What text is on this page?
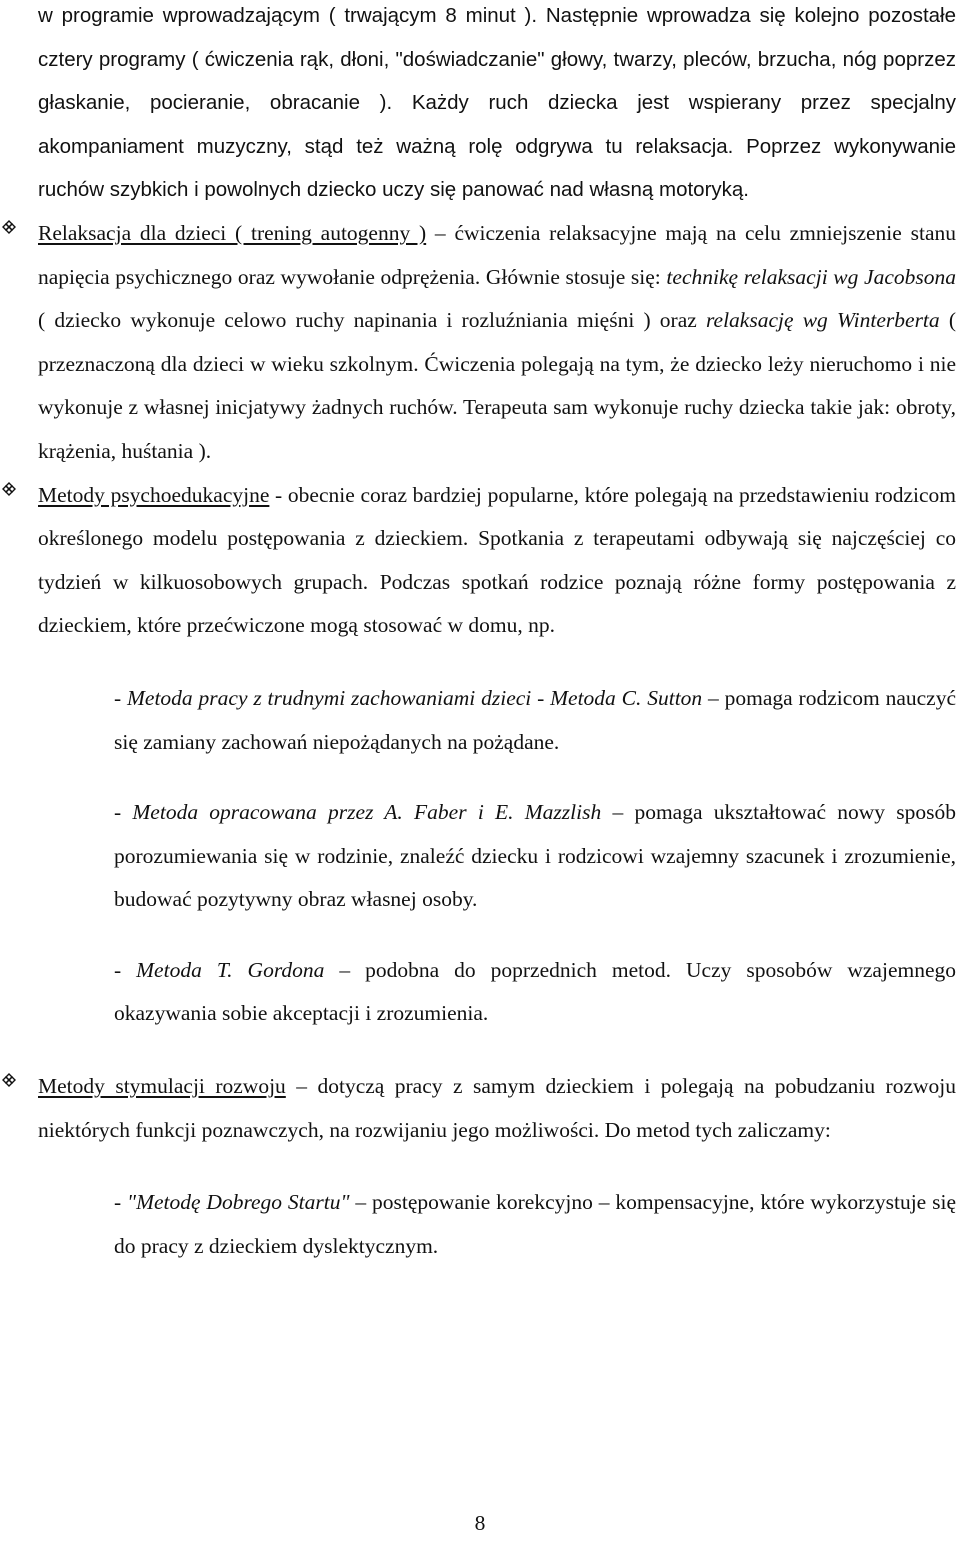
w programie wprowadzającym ( trwającym 8 minut ). Następnie wprowadza się kolejno pozostałe cztery programy ( ćwiczenia rąk, dłoni, "doświadczanie" głowy, twarzy, pleców, brzucha, nóg poprzez głaskanie, pocieranie, obracanie ). Każdy ruch dziecka jest wspierany przez specjalny akompaniament muzyczny, stąd też ważną rolę odgrywa tu relaksacja. Poprzez wykonywanie ruchów szybkich i powolnych dziecko uczy się panować nad własną motoryką.

Relaksacja dla dzieci ( trening autogenny ) – ćwiczenia relaksacyjne mają na celu zmniejszenie stanu napięcia psychicznego oraz wywołanie odprężenia. Głównie stosuje się: technikę relaksacji wg Jacobsona ( dziecko wykonuje celowo ruchy napinania i rozluźniania mięśni ) oraz relaksację wg Winterberta ( przeznaczoną dla dzieci w wieku szkolnym. Ćwiczenia polegają na tym, że dziecko leży nieruchomo i nie wykonuje z własnej inicjatywy żadnych ruchów. Terapeuta sam wykonuje ruchy dziecka takie jak: obroty, krążenia, huśtania ).

Metody psychoedukacyjne - obecnie coraz bardziej popularne, które polegają na przedstawieniu rodzicom określonego modelu postępowania z dzieckiem. Spotkania z terapeutami odbywają się najczęściej co tydzień w kilkuosobowych grupach. Podczas spotkań rodzice poznają różne formy postępowania z dzieckiem, które przećwiczone mogą stosować w domu, np.

- Metoda pracy z trudnymi zachowaniami dzieci - Metoda C. Sutton – pomaga rodzicom nauczyć się zamiany zachowań niepożądanych na pożądane.

- Metoda opracowana przez A. Faber i E. Mazzlish – pomaga ukształtować nowy sposób porozumiewania się w rodzinie, znaleźć dziecku i rodzicowi wzajemny szacunek i zrozumienie, budować pozytywny obraz własnej osoby.

- Metoda T. Gordona – podobna do poprzednich metod. Uczy sposobów wzajemnego okazywania sobie akceptacji i zrozumienia.

Metody stymulacji rozwoju – dotyczą pracy z samym dzieckiem i polegają na pobudzaniu rozwoju niektórych funkcji poznawczych, na rozwijaniu jego możliwości. Do metod tych zaliczamy:

- "Metodę Dobrego Startu" – postępowanie korekcyjno – kompensacyjne, które wykorzystuje się do pracy z dzieckiem dyslektycznym.

8
